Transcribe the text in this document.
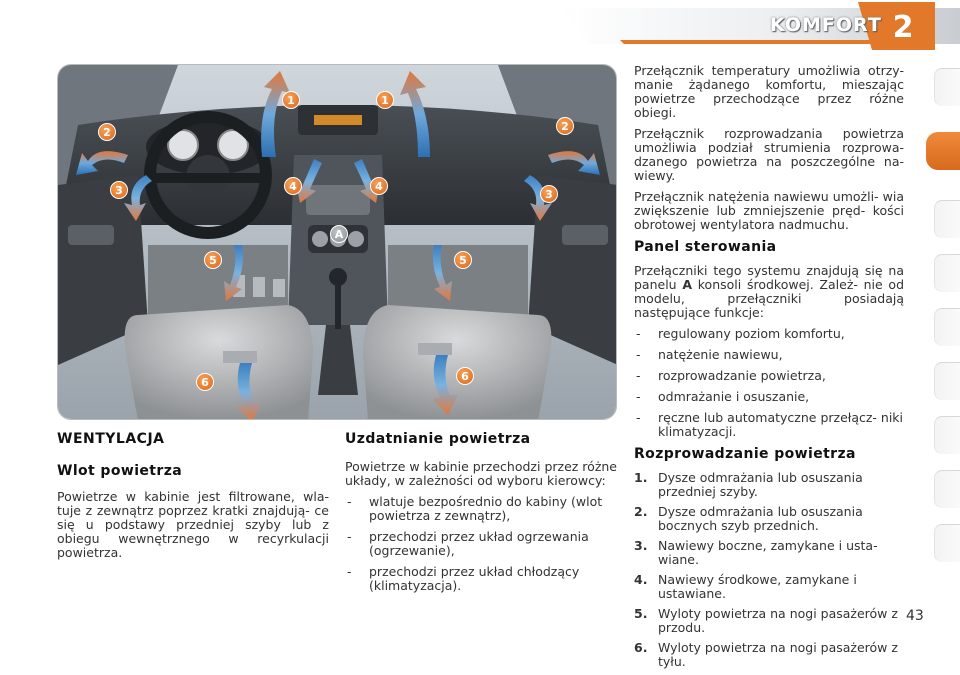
KOMFORT 2
1	1
2	2
3	3
4	4
A
5	5
6	6
WENTYLACJA
Wlot powietrza

Powietrze w kabinie jest filtrowane, wla- tuje z zewnątrz poprzez kratki znajdują- ce się u podstawy przedniej szyby lub z obiegu wewnętrznego w recyrkulacji powietrza.

Uzdatnianie powietrza

Powietrze w kabinie przechodzi przez różne układy, w zależności od wyboru kierowcy:

- wlatuje bezpośrednio do kabiny (wlot powietrza z zewnątrz),
- przechodzi przez układ ogrzewania (ogrzewanie),
- przechodzi przez układ chłodzący (klimatyzacja).

Przełącznik temperatury umożliwia otrzy- manie żądanego komfortu, mieszając powietrze przechodzące przez różne obiegi.

Przełącznik rozprowadzania powietrza umożliwia podział strumienia rozprowa- dzanego powietrza na poszczególne na- wiewy.

Przełącznik natężenia nawiewu umożli- wia zwiększenie lub zmniejszenie pręd- kości obrotowej wentylatora nadmuchu.

Panel sterowania

Przełączniki tego systemu znajdują się na panelu A konsoli środkowej. Zależ- nie od modelu, przełączniki posiadają następujące funkcje:

- regulowany poziom komfortu,
- natężenie nawiewu,
- rozprowadzanie powietrza,
- odmrażanie i osuszanie,
- ręczne lub automatyczne przełącz- niki klimatyzacji.
Rozprowadzanie powietrza
1. Dysze odmrażania lub osuszania przedniej szyby.
2. Dysze odmrażania lub osuszania bocznych szyb przednich.
3. Nawiewy boczne, zamykane i usta- wiane.
4. Nawiewy środkowe, zamykane i ustawiane.
5. Wyloty powietrza na nogi pasażerów z przodu.
6. Wyloty powietrza na nogi pasażerów z tyłu.
43
